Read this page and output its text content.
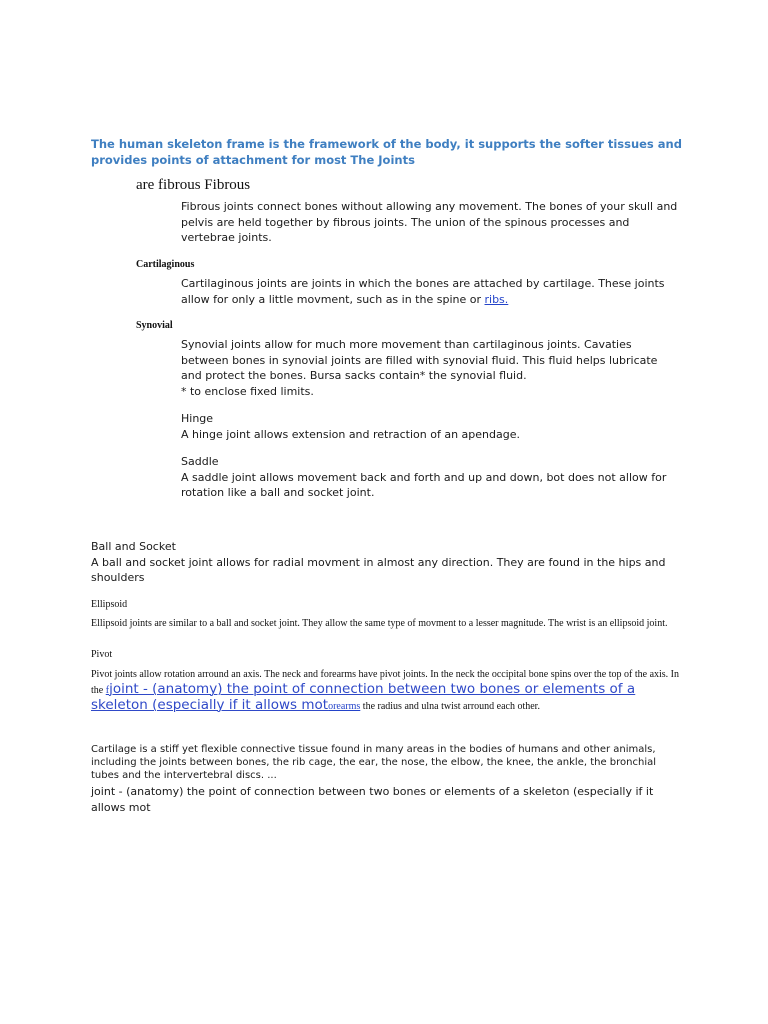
The human skeleton frame is the framework of the body, it supports the softer tissues and provides points of attachment for most The Joints

are fibrous Fibrous

Fibrous joints connect bones without allowing any movement. The bones of your skull and pelvis are held together by fibrous joints. The union of the spinous processes and vertebrae joints.

Cartilaginous

Cartilaginous joints are joints in which the bones are attached by cartilage. These joints allow for only a little movment, such as in the spine or ribs.

Synovial

Synovial joints allow for much more movement than cartilaginous joints. Cavaties between bones in synovial joints are filled with synovial fluid. This fluid helps lubricate and protect the bones. Bursa sacks contain* the synovial fluid.

* to enclose fixed limits.

Hinge

A hinge joint allows extension and retraction of an apendage.

Saddle

A saddle joint allows movement back and forth and up and down, bot does not allow for rotation like a ball and socket joint.

Ball and Socket

A ball and socket joint allows for radial movment in almost any direction. They are found in the hips and shoulders

Ellipsoid

Ellipsoid joints are similar to a ball and socket joint. They allow the same type of movment to a lesser magnitude. The wrist is an ellipsoid joint.

Pivot

Pivot joints allow rotation arround an axis. The neck and forearms have pivot joints. In the neck the occipital bone spins over the top of the axis. In the fjoint - (anatomy) the point of connection between two bones or elements of a skeleton (especially if it allows motorearms the radius and ulna twist arround each other.

Cartilage is a stiff yet flexible connective tissue found in many areas in the bodies of humans and other animals, including the joints between bones, the rib cage, the ear, the nose, the elbow, the knee, the ankle, the bronchial tubes and the intervertebral discs. ...

joint - (anatomy) the point of connection between two bones or elements of a skeleton (especially if it allows mot
